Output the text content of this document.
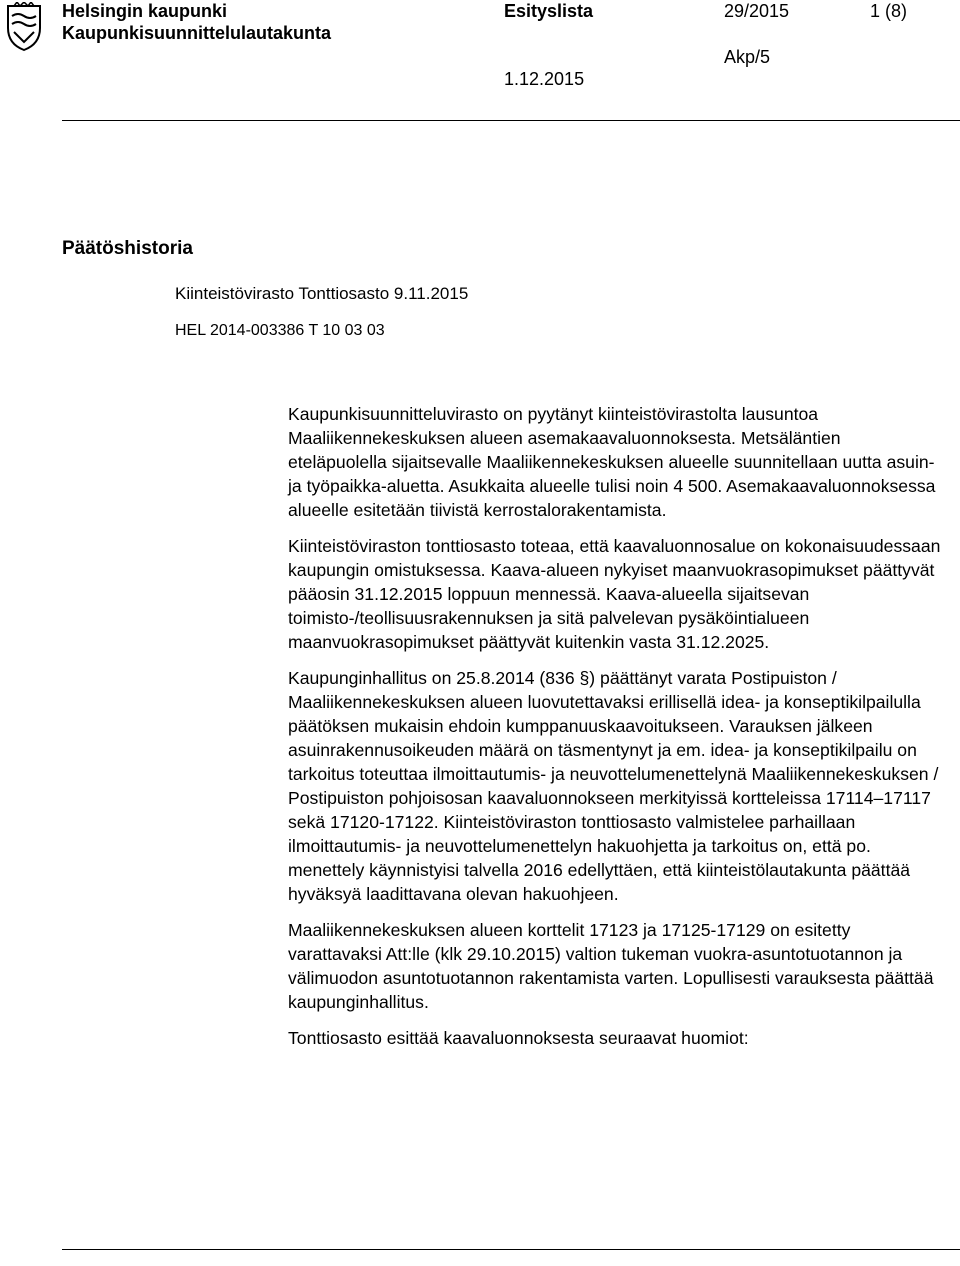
Helsingin kaupunki
Kaupunkisuunnittelulautakunta
Esityslista	29/2015	1 (8)
Akp/5
1.12.2015
Päätöshistoria
Kiinteistövirasto Tonttiosasto 9.11.2015
HEL 2014-003386 T 10 03 03

Kaupunkisuunnitteluvirasto on pyytänyt kiinteistövirastolta lausuntoa Maaliikennekeskuksen alueen asemakaavaluonnoksesta. Metsäläntien eteläpuolella sijaitsevalle Maaliikennekeskuksen alueelle suunnitellaan uutta asuin- ja työpaikka-aluetta. Asukkaita alueelle tulisi noin 4 500. Asemakaavaluonnoksessa alueelle esitetään tiivistä kerrostalorakentamista.

Kiinteistöviraston tonttiosasto toteaa, että kaavaluonnosalue on kokonaisuudessaan kaupungin omistuksessa. Kaava-alueen nykyiset maanvuokrasopimukset päättyvät pääosin 31.12.2015 loppuun mennessä. Kaava-alueella sijaitsevan toimisto-/teollisuusrakennuksen ja sitä palvelevan pysäköintialueen maanvuokrasopimukset päättyvät kuitenkin vasta 31.12.2025.

Kaupunginhallitus on 25.8.2014 (836 §) päättänyt varata Postipuiston / Maaliikennekeskuksen alueen luovutettavaksi erillisellä idea- ja konseptikilpailulla päätöksen mukaisin ehdoin kumppanuuskaavoitukseen. Varauksen jälkeen asuinrakennusoikeuden määrä on täsmentynyt ja em. idea- ja konseptikilpailu on tarkoitus toteuttaa ilmoittautumis- ja neuvottelumenettelynä Maaliikennekeskuksen / Postipuiston pohjoisosan kaavaluonnokseen merkityissä kortteleissa 17114–17117 sekä 17120-17122. Kiinteistöviraston tonttiosasto valmistelee parhaillaan ilmoittautumis- ja neuvottelumenettelyn hakuohjetta ja tarkoitus on, että po. menettely käynnistyisi talvella 2016 edellyttäen, että kiinteistölautakunta päättää hyväksyä laadittavana olevan hakuohjeen.

Maaliikennekeskuksen alueen korttelit 17123 ja 17125-17129 on esitetty varattavaksi Att:lle (klk 29.10.2015) valtion tukeman vuokra-asuntotuotannon ja välimuodon asuntotuotannon rakentamista varten. Lopullisesti varauksesta päättää kaupunginhallitus.

Tonttiosasto esittää kaavaluonnoksesta seuraavat huomiot:
